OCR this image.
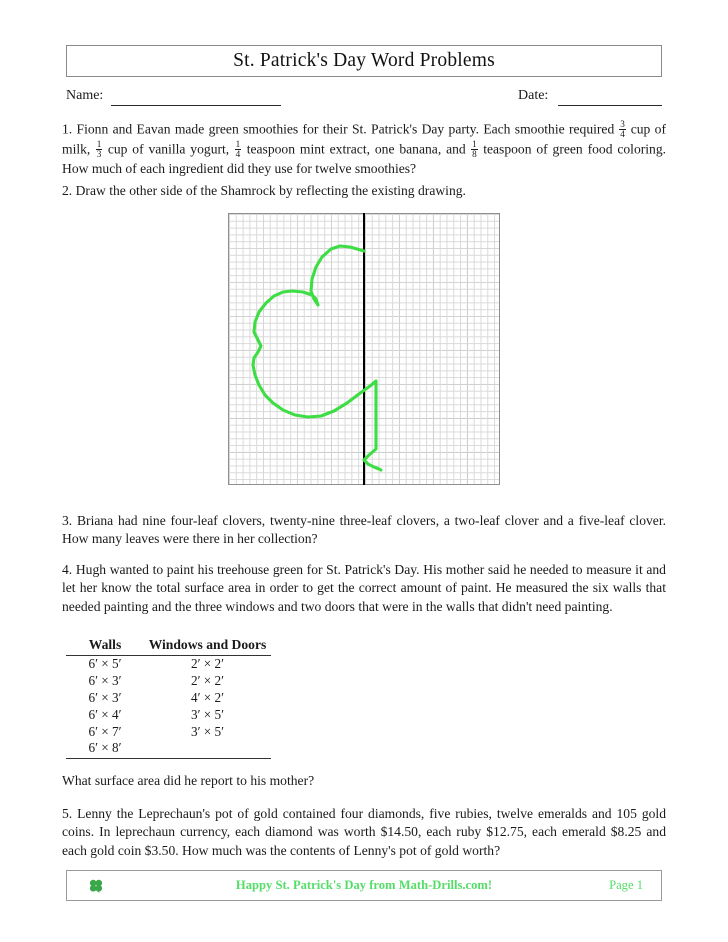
St. Patrick's Day Word Problems
Name:	Date:
1. Fionn and Eavan made green smoothies for their St. Patrick's Day party. Each smoothie required $\frac{3}{4}$ cup of milk, $\frac{1}{3}$ cup of vanilla yogurt, $\frac{1}{4}$ teaspoon mint extract, one banana, and $\frac{1}{8}$ teaspoon of green food coloring. How much of each ingredient did they use for twelve smoothies?
2. Draw the other side of the Shamrock by reflecting the existing drawing.
3. Briana had nine four-leaf clovers, twenty-nine three-leaf clovers, a two-leaf clover and a five-leaf clover. How many leaves were there in her collection?
4. Hugh wanted to paint his treehouse green for St. Patrick's Day. His mother said he needed to measure it and let her know the total surface area in order to get the correct amount of paint. He measured the six walls that needed painting and the three windows and two doors that were in the walls that didn't need painting.
Walls	Windows and Doors
6′ × 5′	2′ × 2′
6′ × 3′	2′ × 2′
6′ × 3′	4′ × 2′
6′ × 4′	3′ × 5′
6′ × 7′	3′ × 5′
6′ × 8′	
What surface area did he report to his mother?
5. Lenny the Leprechaun's pot of gold contained four diamonds, five rubies, twelve emeralds and 105 gold coins. In leprechaun currency, each diamond was worth $14.50, each ruby $12.75, each emerald $8.25 and each gold coin $3.50. How much was the contents of Lenny's pot of gold worth?
Happy St. Patrick's Day from Math-Drills.com!	Page 1
